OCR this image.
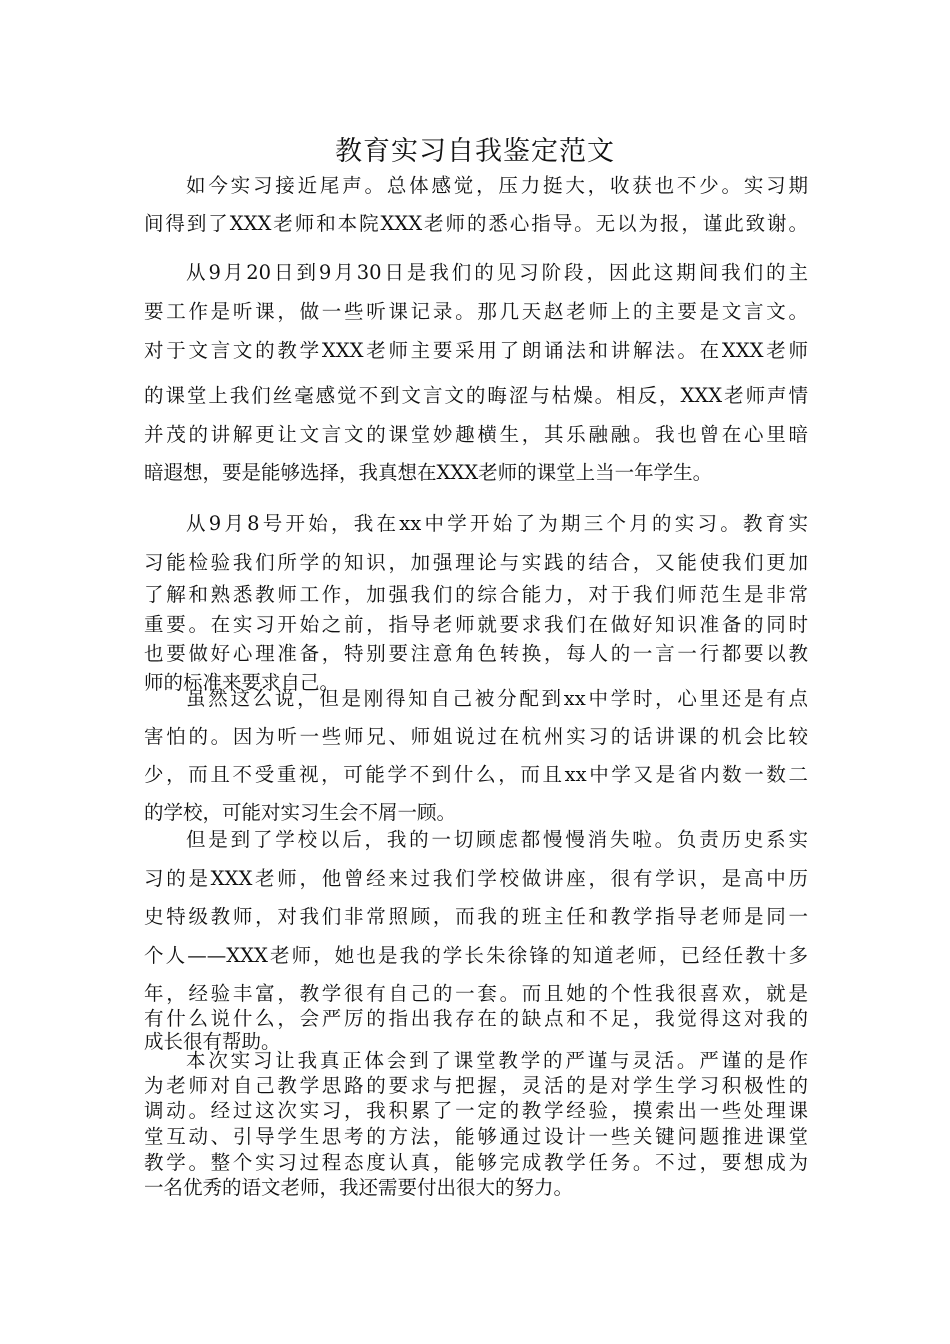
教育实习自我鉴定范文

如今实习接近尾声。总体感觉，压力挺大，收获也不少。实习期

间得到了XXX老师和本院XXX老师的悉心指导。无以为报，谨此致谢。

从9月20日到9月30日是我们的见习阶段，因此这期间我们的主

要工作是听课，做一些听课记录。那几天赵老师上的主要是文言文。

对于文言文的教学XXX老师主要采用了朗诵法和讲解法。在XXX老师

的课堂上我们丝毫感觉不到文言文的晦涩与枯燥。相反，XXX老师声情

并茂的讲解更让文言文的课堂妙趣横生，其乐融融。我也曾在心里暗

暗遐想，要是能够选择，我真想在XXX老师的课堂上当一年学生。

从9月8号开始，我在xx中学开始了为期三个月的实习。教育实

习能检验我们所学的知识，加强理论与实践的结合，又能使我们更加

了解和熟悉教师工作，加强我们的综合能力，对于我们师范生是非常

重要。在实习开始之前，指导老师就要求我们在做好知识准备的同时

也要做好心理准备，特别要注意角色转换，每人的一言一行都要以教

师的标准来要求自己。

虽然这么说，但是刚得知自己被分配到xx中学时，心里还是有点

害怕的。因为听一些师兄、师姐说过在杭州实习的话讲课的机会比较

少，而且不受重视，可能学不到什么，而且xx中学又是省内数一数二

的学校，可能对实习生会不屑一顾。

但是到了学校以后，我的一切顾虑都慢慢消失啦。负责历史系实

习的是XXX老师，他曾经来过我们学校做讲座，很有学识，是高中历

史特级教师，对我们非常照顾，而我的班主任和教学指导老师是同一

个人——XXX老师，她也是我的学长朱徐锋的知道老师，已经任教十多

年，经验丰富，教学很有自己的一套。而且她的个性我很喜欢，就是

有什么说什么，会严厉的指出我存在的缺点和不足，我觉得这对我的

成长很有帮助。

本次实习让我真正体会到了课堂教学的严谨与灵活。严谨的是作

为老师对自己教学思路的要求与把握，灵活的是对学生学习积极性的

调动。经过这次实习，我积累了一定的教学经验，摸索出一些处理课

堂互动、引导学生思考的方法，能够通过设计一些关键问题推进课堂

教学。整个实习过程态度认真，能够完成教学任务。不过，要想成为

一名优秀的语文老师，我还需要付出很大的努力。
